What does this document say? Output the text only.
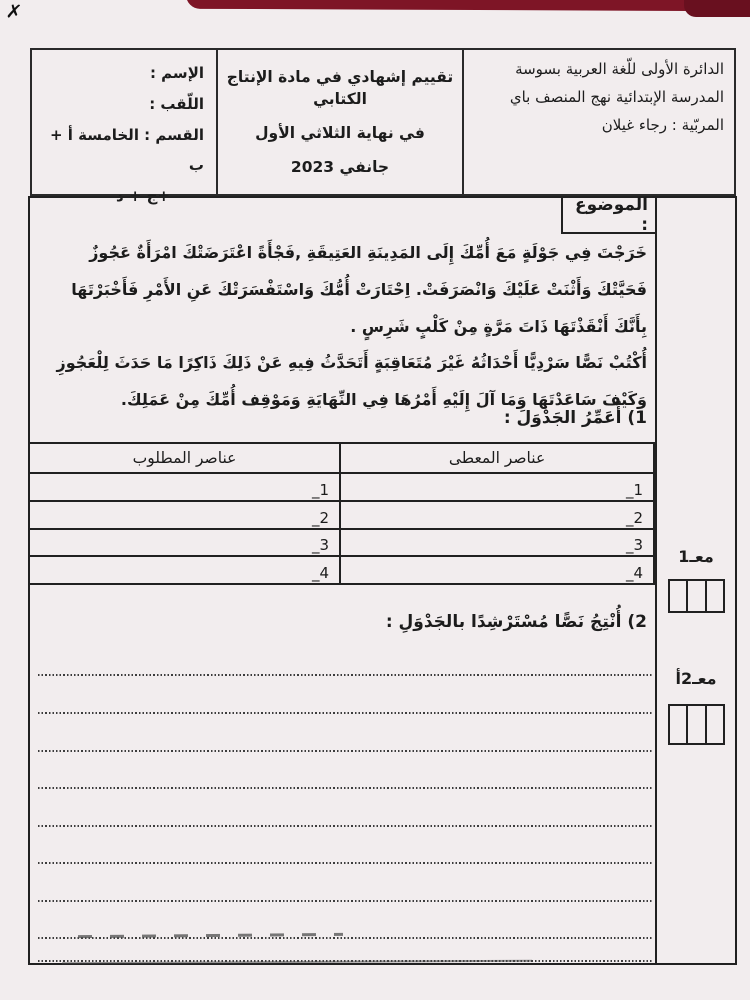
✗
الدائرة الأولى للّغة العربية بسوسة
المدرسة الإبتدائية نهج المنصف باي
المربّية : رجاء غيلان
تقييم إشهادي في مادة الإنتاج الكتابي
في نهاية الثلاثي الأول
جانفي 2023
الإسم :
اللّقب :
القسم : الخامسة أ + ب
+ج + د
معـ1
معـ2أ
الموضوع :
خَرَجْتَ فِي جَوْلَةٍ مَعَ أُمِّكَ إِلَى المَدِينَةِ العَتِيقَةِ ,فَجْأَةً اعْتَرَضَتْكَ امْرَأَةٌ عَجُوزٌ فَحَيَّتْكَ وَأَثْنَتْ عَلَيْكَ وَانْصَرَفَتْ. اِحْتَارَتْ أُمُّكَ وَاسْتَفْسَرَتْكَ عَنِ الأَمْرِ فَأَخْبَرْتَهَا بِأَنَّكَ أَنْقَذْتَهَا ذَاتَ مَرَّةٍ مِنْ كَلْبٍ شَرِسٍ .
أُكْتُبْ نَصًّا سَرْدِيًّا أَحْدَاثُهُ غَيْرَ مُتَعَاقِبَةٍ أَتَحَدَّثُ فِيهِ عَنْ ذَلِكَ ذَاكِرًا مَا حَدَثَ لِلْعَجُوزِ وَكَيْفَ سَاعَدْتَهَا وَمَا آلَ إِلَيْهِ أَمْرُهَا فِي النِّهَايَةِ وَمَوْقِف أُمِّكَ مِنْ عَمَلِكَ.
1) أُعَمِّرُ الجَدْوَلَ :
عناصر المعطى
عناصر المطلوب
_1
_1
_2
_2
_3
_3
_4
_4
2) أُنْتِجُ نَصًّا مُسْتَرْشِدًا بالجَدْوَلِ :
